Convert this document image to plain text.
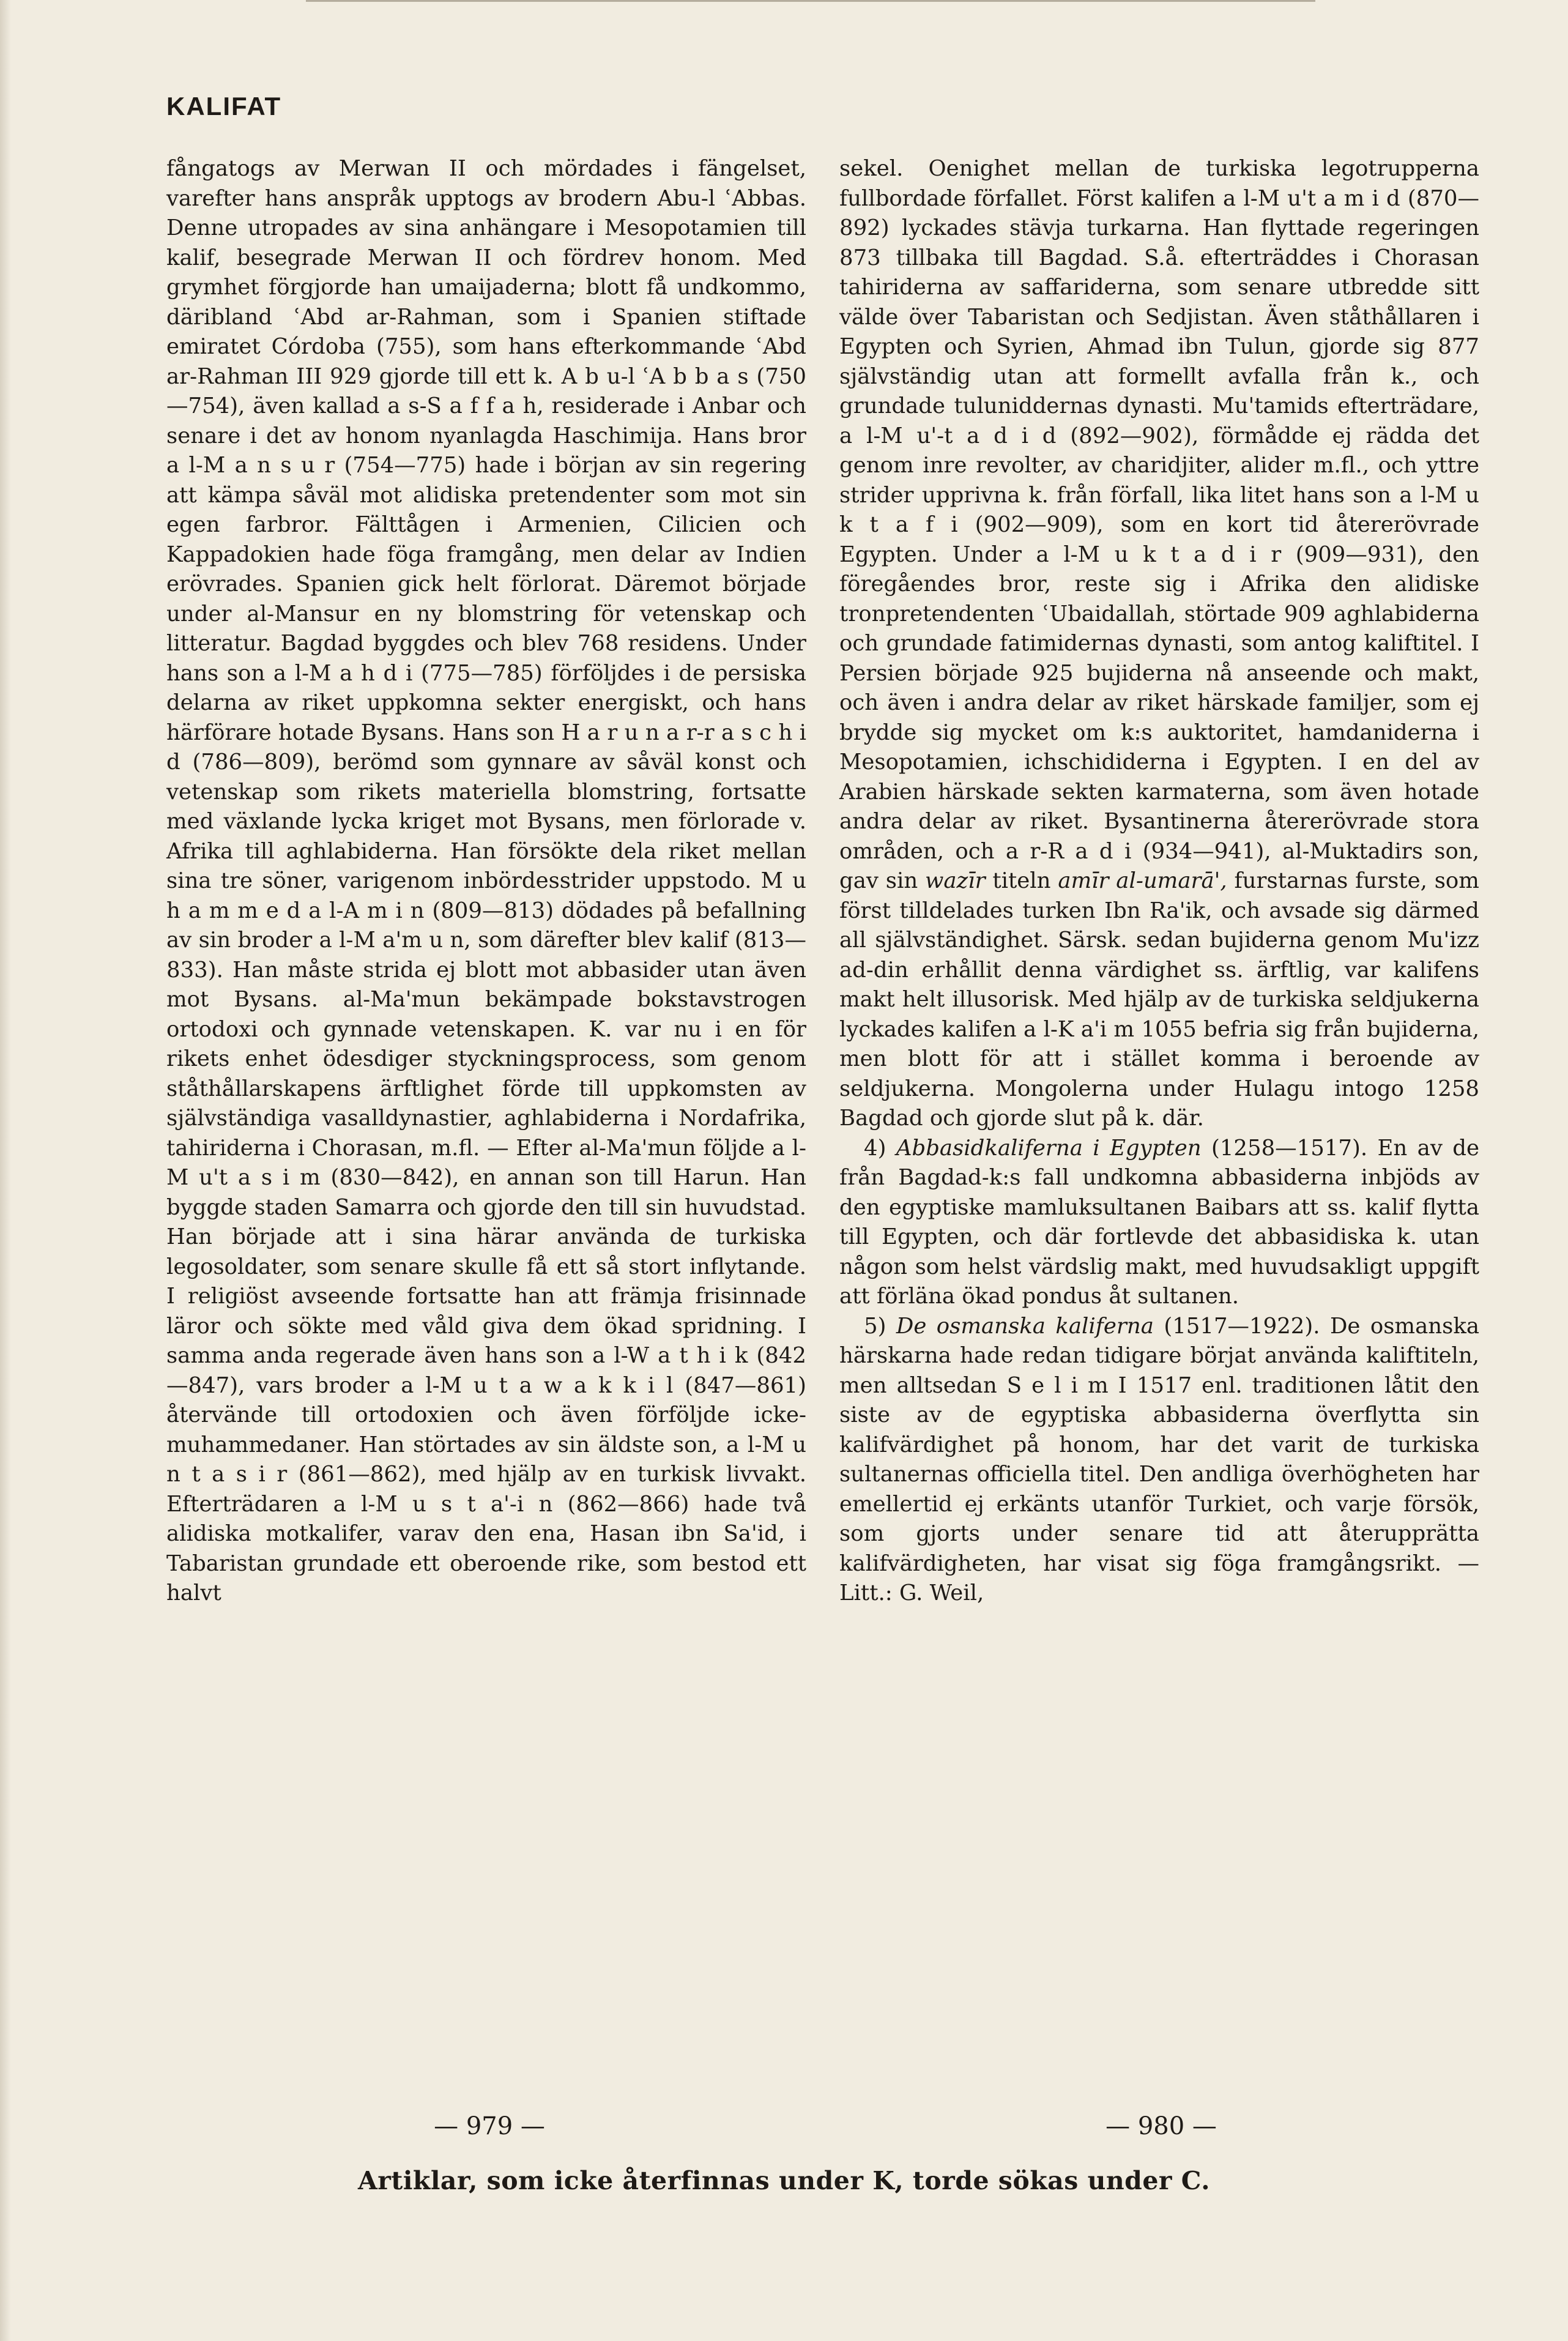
KALIFAT

fångatogs av Merwan II och mördades i fängelset, varefter hans anspråk upptogs av brodern Abu-l ʿAbbas. Denne utropades av sina anhängare i Mesopotamien till kalif, besegrade Merwan II och fördrev honom. Med grymhet förgjorde han umaijaderna; blott få undkommo, däribland ʿAbd ar-Rahman, som i Spanien stiftade emiratet Córdoba (755), som hans efterkommande ʿAbd ar-Rahman III 929 gjorde till ett k. A b u-l ʿA b b a s (750—754), även kallad a s-S a f f a h, residerade i Anbar och senare i det av honom nyanlagda Haschimija. Hans bror a l-M a n s u r (754—775) hade i början av sin regering att kämpa såväl mot alidiska pretendenter som mot sin egen farbror. Fälttågen i Armenien, Cilicien och Kappadokien hade föga framgång, men delar av Indien erövrades. Spanien gick helt förlorat. Däremot började under al-Mansur en ny blomstring för vetenskap och litteratur. Bagdad byggdes och blev 768 residens. Under hans son a l-M a h d i (775—785) förföljdes i de persiska delarna av riket uppkomna sekter energiskt, och hans härförare hotade Bysans. Hans son H a r u n a r-r a s c h i d (786—809), berömd som gynnare av såväl konst och vetenskap som rikets materiella blomstring, fortsatte med växlande lycka kriget mot Bysans, men förlorade v. Afrika till aghlabiderna. Han försökte dela riket mellan sina tre söner, varigenom inbördesstrider uppstodo. M u h a m m e d a l-A m i n (809—813) dödades på befallning av sin broder a l-M a'm u n, som därefter blev kalif (813—833). Han måste strida ej blott mot abbasider utan även mot Bysans. al-Ma'mun bekämpade bokstavstrogen ortodoxi och gynnade vetenskapen. K. var nu i en för rikets enhet ödesdiger styckningsprocess, som genom ståthållarskapens ärftlighet förde till uppkomsten av självständiga vasalldynastier, aghlabiderna i Nordafrika, tahiriderna i Chorasan, m.fl. — Efter al-Ma'mun följde a l-M u't a s i m (830—842), en annan son till Harun. Han byggde staden Samarra och gjorde den till sin huvudstad. Han började att i sina härar använda de turkiska legosoldater, som senare skulle få ett så stort inflytande. I religiöst avseende fortsatte han att främja frisinnade läror och sökte med våld giva dem ökad spridning. I samma anda regerade även hans son a l-W a t h i k (842—847), vars broder a l-M u t a w a k k i l (847—861) återvände till ortodoxien och även förföljde icke-muhammedaner. Han störtades av sin äldste son, a l-M u n t a s i r (861—862), med hjälp av en turkisk livvakt. Efterträdaren a l-M u s t a'-i n (862—866) hade två alidiska motkalifer, varav den ena, Hasan ibn Sa'id, i Tabaristan grundade ett oberoende rike, som bestod ett halvt

sekel. Oenighet mellan de turkiska legotrupperna fullbordade förfallet. Först kalifen a l-M u't a m i d (870—892) lyckades stävja turkarna. Han flyttade regeringen 873 tillbaka till Bagdad. S.å. efterträddes i Chorasan tahiriderna av saffariderna, som senare utbredde sitt välde över Tabaristan och Sedjistan. Även ståthållaren i Egypten och Syrien, Ahmad ibn Tulun, gjorde sig 877 självständig utan att formellt avfalla från k., och grundade tuluniddernas dynasti. Mu'tamids efterträdare, a l-M u'-t a d i d (892—902), förmådde ej rädda det genom inre revolter, av charidjiter, alider m.fl., och yttre strider upprivna k. från förfall, lika litet hans son a l-M u k t a f i (902—909), som en kort tid återerövrade Egypten. Under a l-M u k t a d i r (909—931), den föregåendes bror, reste sig i Afrika den alidiske tronpretendenten ʿUbaidallah, störtade 909 aghlabiderna och grundade fatimidernas dynasti, som antog kaliftitel. I Persien började 925 bujiderna nå anseende och makt, och även i andra delar av riket härskade familjer, som ej brydde sig mycket om k:s auktoritet, hamdaniderna i Mesopotamien, ichschididerna i Egypten. I en del av Arabien härskade sekten karmaterna, som även hotade andra delar av riket. Bysantinerna återerövrade stora områden, och a r-R a d i (934—941), al-Muktadirs son, gav sin wazīr titeln amīr al-umarā', furstarnas furste, som först tilldelades turken Ibn Ra'ik, och avsade sig därmed all självständighet. Särsk. sedan bujiderna genom Mu'izz ad-din erhållit denna värdighet ss. ärftlig, var kalifens makt helt illusorisk. Med hjälp av de turkiska seldjukerna lyckades kalifen a l-K a'i m 1055 befria sig från bujiderna, men blott för att i stället komma i beroende av seldjukerna. Mongolerna under Hulagu intogo 1258 Bagdad och gjorde slut på k. där.

4) Abbasidkaliferna i Egypten (1258—1517). En av de från Bagdad-k:s fall undkomna abbasiderna inbjöds av den egyptiske mamluksultanen Baibars att ss. kalif flytta till Egypten, och där fortlevde det abbasidiska k. utan någon som helst värdslig makt, med huvudsakligt uppgift att förläna ökad pondus åt sultanen.

5) De osmanska kaliferna (1517—1922). De osmanska härskarna hade redan tidigare börjat använda kaliftiteln, men alltsedan S e l i m I 1517 enl. traditionen låtit den siste av de egyptiska abbasiderna överflytta sin kalifvärdighet på honom, har det varit de turkiska sultanernas officiella titel. Den andliga överhögheten har emellertid ej erkänts utanför Turkiet, och varje försök, som gjorts under senare tid att återupprätta kalifvärdigheten, har visat sig föga framgångsrikt. — Litt.: G. Weil,

— 979 —	— 980 —
Artiklar, som icke återfinnas under K, torde sökas under C.
